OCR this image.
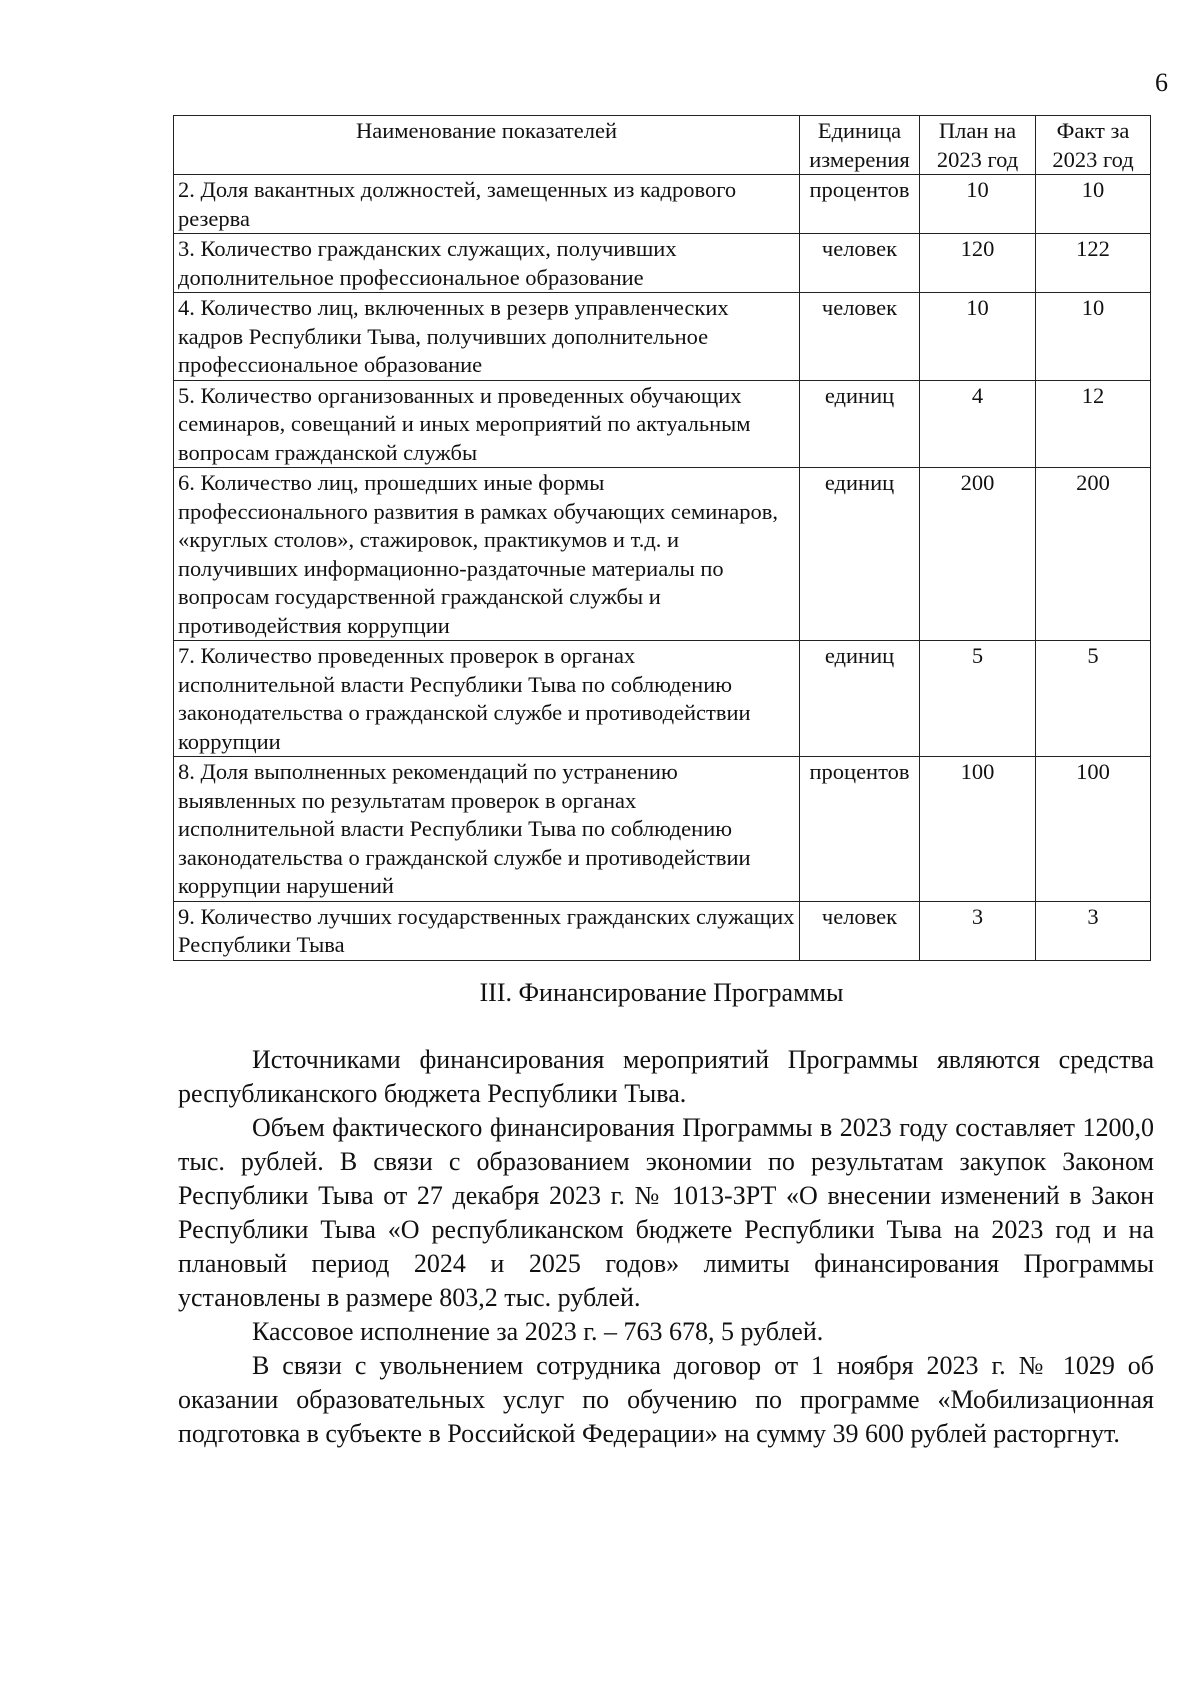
6
Наименование показателей	Единица измерения	План на 2023 год	Факт за 2023 год
2. Доля вакантных должностей, замещенных из кадрового резерва	процентов	10	10
3. Количество гражданских служащих, получивших дополнительное профессиональное образование	человек	120	122
4. Количество лиц, включенных в резерв управленческих кадров Республики Тыва, получивших дополнительное профессиональное образование	человек	10	10
5. Количество организованных и проведенных обучающих семинаров, совещаний и иных мероприятий по актуальным вопросам гражданской службы	единиц	4	12
6. Количество лиц, прошедших иные формы профессионального развития в рамках обучающих семинаров, «круглых столов», стажировок, практикумов и т.д. и получивших информационно-раздаточные материалы по вопросам государственной гражданской службы и противодействия коррупции	единиц	200	200
7. Количество проведенных проверок в органах исполнительной власти Республики Тыва по соблюдению законодательства о гражданской службе и противодействии коррупции	единиц	5	5
8. Доля выполненных рекомендаций по устранению выявленных по результатам проверок в органах исполнительной власти Республики Тыва по соблюдению законодательства о гражданской службе и противодействии коррупции нарушений	процентов	100	100
9. Количество лучших государственных гражданских служащих Республики Тыва	человек	3	3
III. Финансирование Программы

Источниками финансирования мероприятий Программы являются средства республиканского бюджета Республики Тыва.

Объем фактического финансирования Программы в 2023 году составляет 1200,0 тыс. рублей. В связи с образованием экономии по результатам закупок Законом Республики Тыва от 27 декабря 2023 г. № 1013-ЗРТ «О внесении изменений в Закон Республики Тыва «О республиканском бюджете Республики Тыва на 2023 год и на плановый период 2024 и 2025 годов» лимиты финансирования Программы установлены в размере 803,2 тыс. рублей.

Кассовое исполнение за 2023 г. – 763 678, 5 рублей.

В связи с увольнением сотрудника договор от 1 ноября 2023 г. № 1029 об оказании образовательных услуг по обучению по программе «Мобилизационная подготовка в субъекте в Российской Федерации» на сумму 39 600 рублей расторгнут.
